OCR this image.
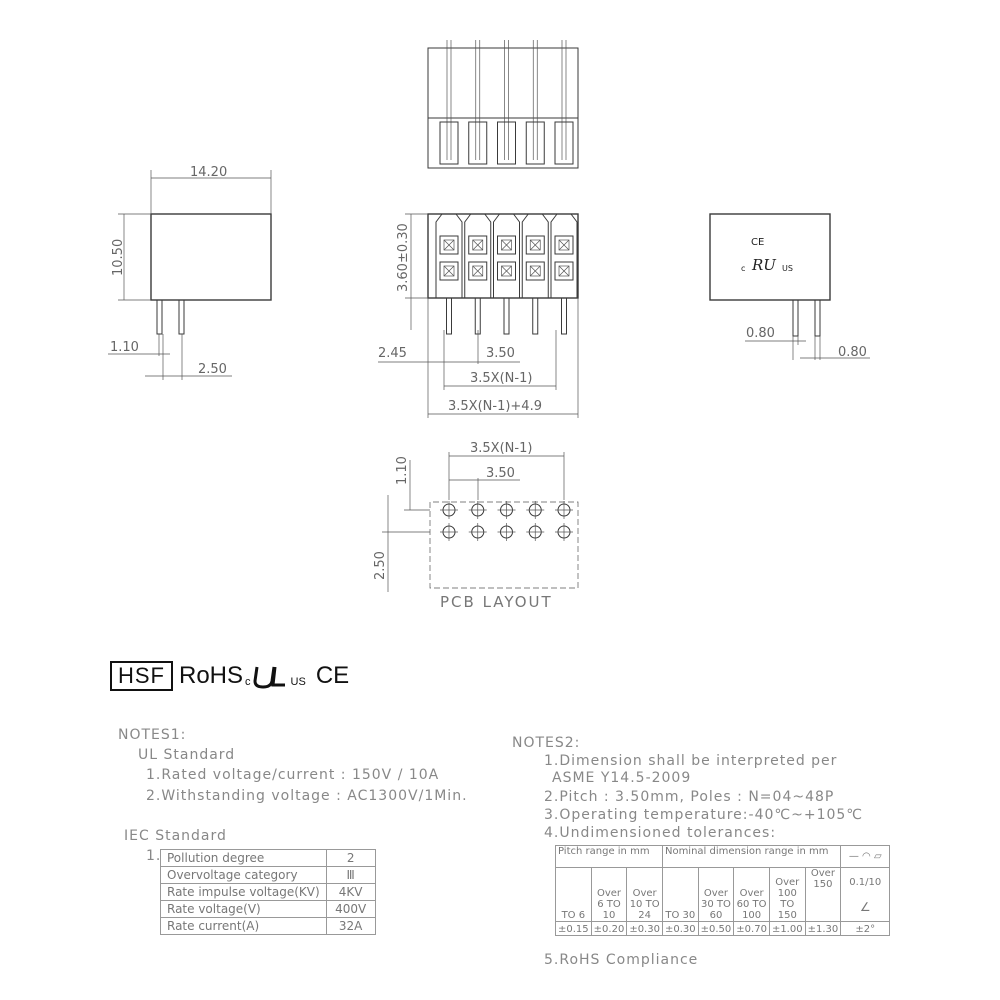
14.20
10.50
1.10
2.50
3.60±0.30
2.45	3.50
3.5X(N-1)
3.5X(N-1)+4.9
CE
c RU US
0.80
0.80
3.5X(N-1)
3.50
1.10
2.50
PCB LAYOUT
HSF RoHS c	US CE
NOTES1:
UL Standard
1.Rated voltage/current : 150V / 10A
2.Withstanding voltage : AC1300V/1Min.
IEC Standard
1. Pollution degree	2
Overvoltage category	Ⅲ
Rate impulse voltage(KV)	4KV
Rate voltage(V)	400V
Rate current(A)	32A
NOTES2:
1.Dimension shall be interpreted per
ASME Y14.5-2009
2.Pitch : 3.50mm, Poles : N=04~48P
3.Operating temperature:-40℃~+105℃
4.Undimensioned tolerances:
Pitch range in mm			Nominal dimension range in mm					— ◠ ▱
TO 6	Over 6 TO 10	Over 10 TO 24	TO 30	Over 30 TO 60	Over 60 TO 100	Over 100 TO 150	Over 150	0.1/10
∠

±0.15	±0.20	±0.30	±0.30	±0.50	±0.70	±1.00	±1.30	±2°
5.RoHS Compliance
